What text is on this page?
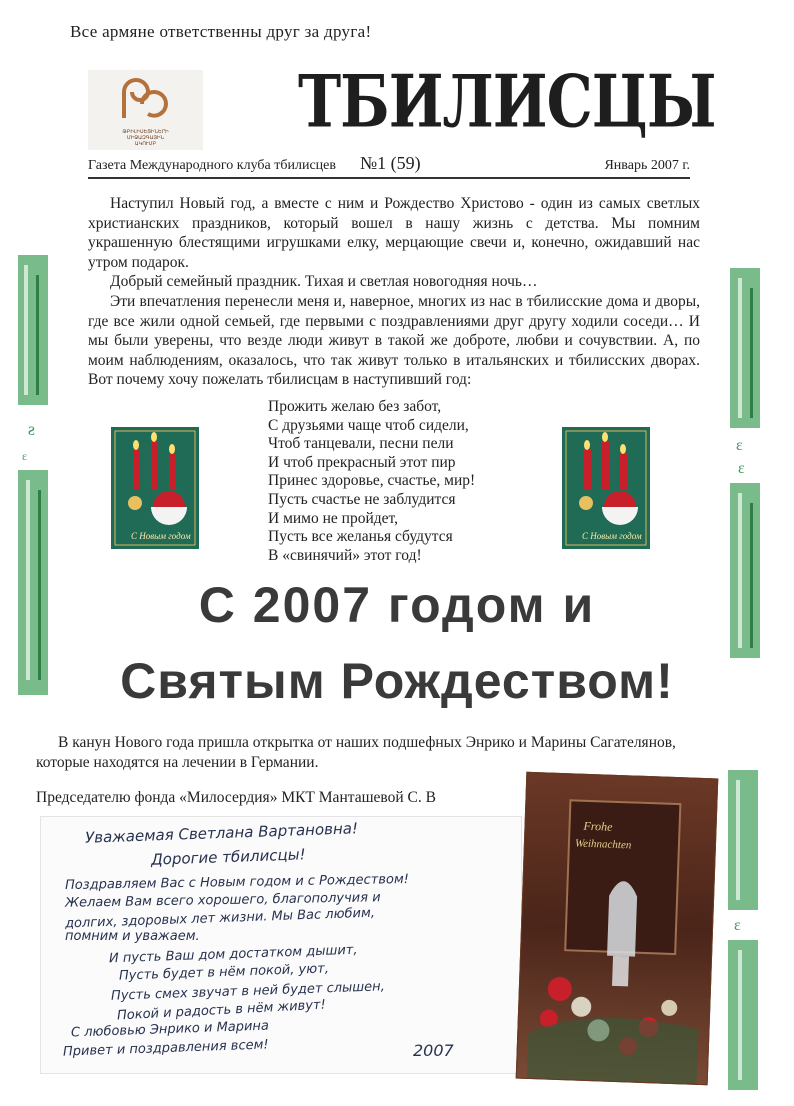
ƨ
ɛ
ɛ
ɛ
ɛ
Все армяне ответственны друг за друга!
ԹԲԻԼԻՍԵՑԻՆԵՐԻ
ՄԻՋԱԶԳԱՅԻՆ
ԱԿՈՒՄԲ	ТБИЛИСЦЫ
Газета Международного клуба тбилисцев №1 (59)	Январь 2007 г.

Наступил Новый год, а вместе с ним и Рождество Христово - один из самых светлых христианских праздников, который вошел в нашу жизнь с детства. Мы помним украшенную блестящими игрушками елку, мерцающие свечи и, конечно, ожидавший нас утром подарок.

Добрый семейный праздник. Тихая и светлая новогодняя ночь…

Эти впечатления перенесли меня и, наверное, многих из нас в тбилисские дома и дворы, где все жили одной семьей, где первыми с поздравлениями друг другу ходили соседи… И мы были уверены, что везде люди живут в такой же доброте, любви и сочувствии. А, по моим наблюдениям, оказалось, что так живут только в итальянских и тбилисских дворах. Вот почему хочу пожелать тбилисцам в наступивший год:

С Новым годом	С Новым годом
Прожить желаю без забот,
С друзьями чаще чтоб сидели,
Чтоб танцевали, песни пели
И чтоб прекрасный этот пир
Принес здоровье, счастье, мир!
Пусть счастье не заблудится
И мимо не пройдет,
Пусть все желанья сбудутся
В «свинячий» этот год!
С 2007 годом и
Святым Рождеством!

В канун Нового года пришла открытка от наших подшефных Энрико и Марины Сагателянов, которые находятся на лечении в Германии.

Председателю фонда «Милосердия» МКТ Манташевой С. В
Уважаемая Светлана Вартановна!
Дорогие тбилисцы!
Поздравляем Вас с Новым годом и с Рождеством!
Желаем Вам всего хорошего, благополучия и
долгих, здоровых лет жизни. Мы Вас любим,
помним и уважаем.
И пусть Ваш дом достатком дышит,
Пусть будет в нём покой, уют,
Пусть смех звучат в ней будет слышен,
Покой и радость в нём живут!
С любовью Энрико и Марина
Привет и поздравления всем!	2007
Frohe
Weihnachten
